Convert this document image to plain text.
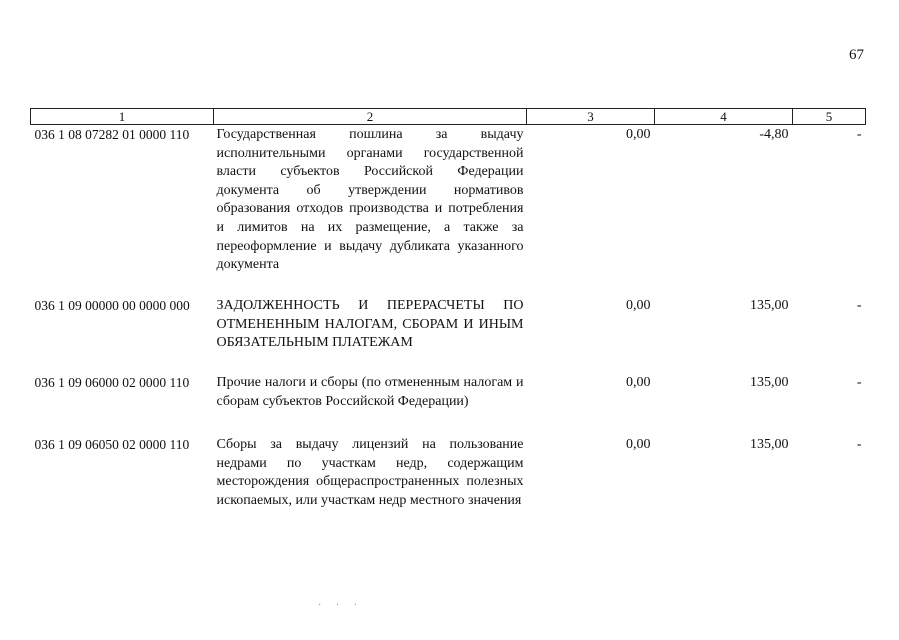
67
1	2	3	4	5
036 1 08 07282 01 0000 110	Государственная пошлина за выдачу исполнительными органами государственной власти субъектов Российской Федерации документа об утверждении нормативов образования отходов производства и потребления и лимитов на их размещение, а также за переоформление и выдачу дубликата указанного документа	0,00	-4,80	-
036 1 09 00000 00 0000 000	ЗАДОЛЖЕННОСТЬ И ПЕРЕРАСЧЕТЫ ПО ОТМЕНЕННЫМ НАЛОГАМ, СБОРАМ И ИНЫМ ОБЯЗАТЕЛЬНЫМ ПЛАТЕЖАМ	0,00	135,00	-
036 1 09 06000 02 0000 110	Прочие налоги и сборы (по отмененным налогам и сборам субъектов Российской Федерации)	0,00	135,00	-
036 1 09 06050 02 0000 110	Сборы за выдачу лицензий на пользование недрами по участкам недр, содержащим месторождения общераспространенных полезных ископаемых, или участкам недр местного значения	0,00	135,00	-
· · ·
